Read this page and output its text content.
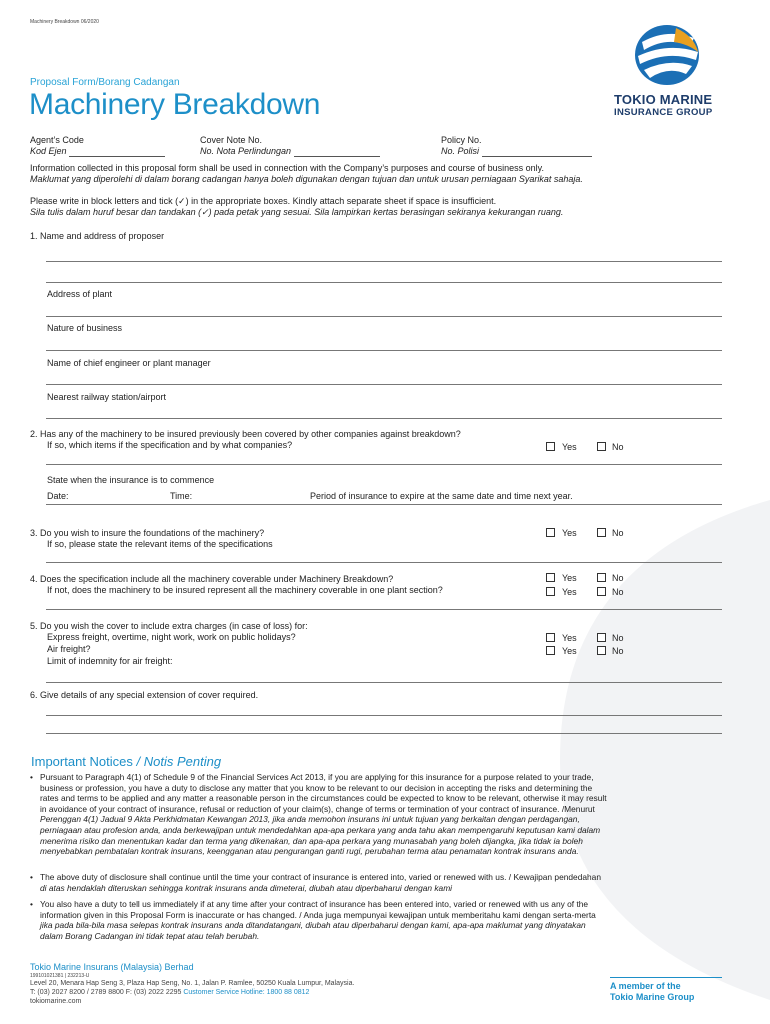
Machinery Breakdown 06/2020
TOKIO MARINE
INSURANCE GROUP
Proposal Form/Borang Cadangan
Machinery Breakdown
Agent’s Code
Kod Ejen
Cover Note No.
No. Nota Perlindungan
Policy No.
No. Polisi
Information collected in this proposal form shall be used in connection with the Company’s purposes and course of business only.
Maklumat yang diperolehi di dalam borang cadangan hanya boleh digunakan dengan tujuan dan untuk urusan perniagaan Syarikat sahaja.
Please write in block letters and tick (✓) in the appropriate boxes. Kindly attach separate sheet if space is insufficient.
Sila tulis dalam huruf besar dan tandakan (✓) pada petak yang sesuai. Sila lampirkan kertas berasingan sekiranya kekurangan ruang.
1. Name and address of proposer
Address of plant
Nature of business
Name of chief engineer or plant manager
Nearest railway station/airport
2. Has any of the machinery to be insured previously been covered by other companies against breakdown?
If so, which items if the specification and by what companies?	Yes	No
State when the insurance is to commence
Date:	Time:	Period of insurance to expire at the same date and time next year.
3. Do you wish to insure the foundations of the machinery?
If so, please state the relevant items of the specifications
Yes	No
4. Does the specification include all the machinery coverable under Machinery Breakdown?
If not, does the machinery to be insured represent all the machinery coverable in one plant section?
Yes	No
Yes	No
5. Do you wish the cover to include extra charges (in case of loss) for:
Express freight, overtime, night work, work on public holidays?
Air freight?
Limit of indemnity for air freight:
Yes	No
Yes	No
6. Give details of any special extension of cover required.
Important Notices / Notis Penting
• Pursuant to Paragraph 4(1) of Schedule 9 of the Financial Services Act 2013, if you are applying for this insurance for a purpose related to your trade,
business or profession, you have a duty to disclose any matter that you know to be relevant to our decision in accepting the risks and determining the
rates and terms to be applied and any matter a reasonable person in the circumstances could be expected to know to be relevant, otherwise it may result
in avoidance of your contract of insurance, refusal or reduction of your claim(s), change of terms or termination of your contract of insurance. /Menurut
Perenggan 4(1) Jadual 9 Akta Perkhidmatan Kewangan 2013, jika anda memohon insurans ini untuk tujuan yang berkaitan dengan perdagangan,
perniagaan atau profesion anda, anda berkewajipan untuk mendedahkan apa-apa perkara yang anda tahu akan mempengaruhi keputusan kami dalam
menerima risiko dan menentukan kadar dan terma yang dikenakan, dan apa-apa perkara yang munasabah yang boleh dijangka, jika tidak ia boleh
menyebabkan pembatalan kontrak insurans, keengganan atau pengurangan ganti rugi, perubahan terma atau penamatan kontrak insurans anda.
• The above duty of disclosure shall continue until the time your contract of insurance is entered into, varied or renewed with us. / Kewajipan pendedahan
di atas hendaklah diteruskan sehingga kontrak insurans anda dimeterai, diubah atau diperbaharui dengan kami
• You also have a duty to tell us immediately if at any time after your contract of insurance has been entered into, varied or renewed with us any of the
information given in this Proposal Form is inaccurate or has changed. / Anda juga mempunyai kewajipan untuk memberitahu kami dengan serta-merta
jika pada bila-bila masa selepas kontrak insurans anda ditandatangani, diubah atau diperbaharui dengan kami, apa-apa maklumat yang dinyatakan
dalam Borang Cadangan ini tidak tepat atau telah berubah.
Tokio Marine Insurans (Malaysia) Berhad
199101021381 | 232213-U
Level 20, Menara Hap Seng 3, Plaza Hap Seng, No. 1, Jalan P. Ramlee, 50250 Kuala Lumpur, Malaysia.
T: (03) 2027 8200 / 2789 8800 F: (03) 2022 2295 Customer Service Hotline: 1800 88 0812
tokiomarine.com
A member of the
Tokio Marine Group
